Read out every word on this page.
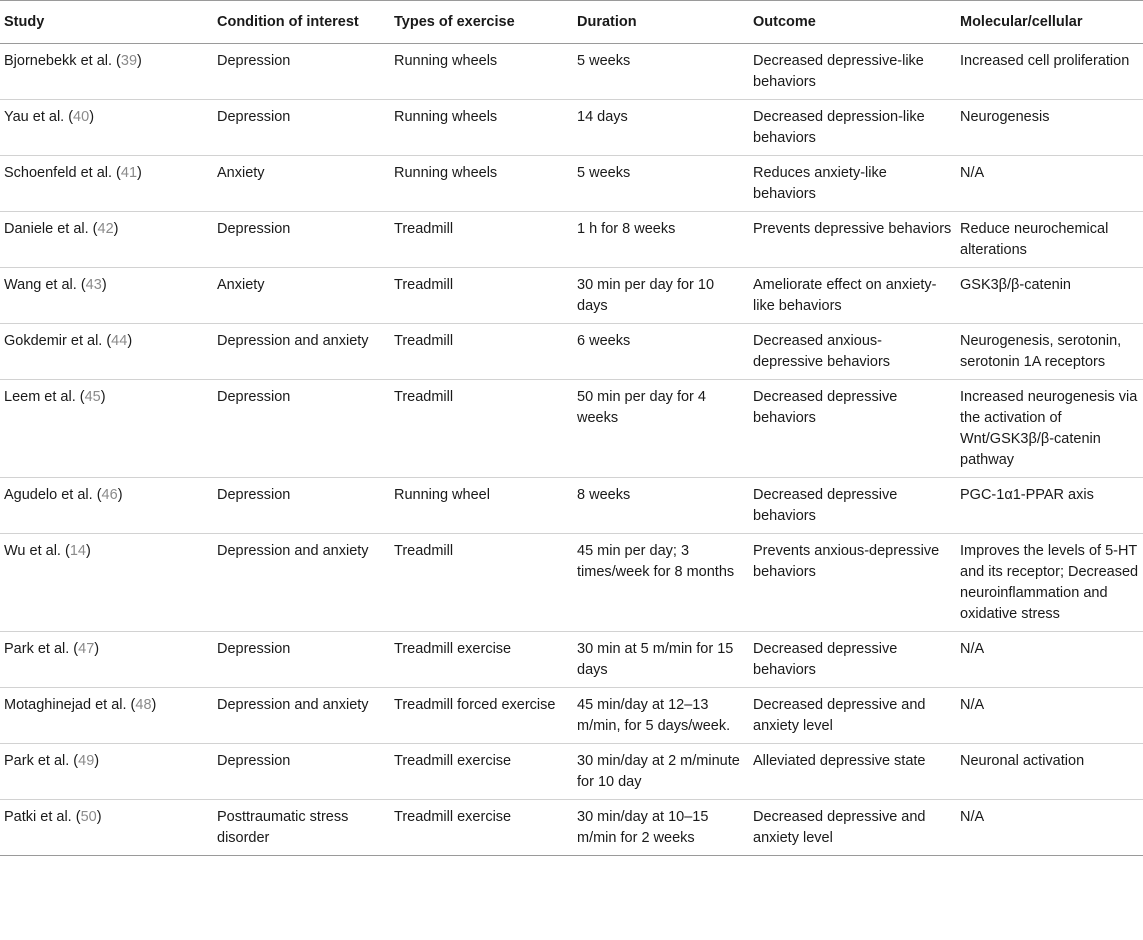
Study	Condition of interest	Types of exercise	Duration	Outcome	Molecular/cellular
Bjornebekk et al. (39)	Depression	Running wheels	5 weeks	Decreased depressive-like behaviors	Increased cell proliferation
Yau et al. (40)	Depression	Running wheels	14 days	Decreased depression-like behaviors	Neurogenesis
Schoenfeld et al. (41)	Anxiety	Running wheels	5 weeks	Reduces anxiety-like behaviors	N/A
Daniele et al. (42)	Depression	Treadmill	1 h for 8 weeks	Prevents depressive behaviors	Reduce neurochemical alterations
Wang et al. (43)	Anxiety	Treadmill	30 min per day for 10 days	Ameliorate effect on anxiety-like behaviors	GSK3β/β-catenin
Gokdemir et al. (44)	Depression and anxiety	Treadmill	6 weeks	Decreased anxious-depressive behaviors	Neurogenesis, serotonin, serotonin 1A receptors
Leem et al. (45)	Depression	Treadmill	50 min per day for 4 weeks	Decreased depressive behaviors	Increased neurogenesis via the activation of Wnt/GSK3β/β-catenin pathway
Agudelo et al. (46)	Depression	Running wheel	8 weeks	Decreased depressive behaviors	PGC-1α1-PPAR axis
Wu et al. (14)	Depression and anxiety	Treadmill	45 min per day; 3 times/week for 8 months	Prevents anxious-depressive behaviors	Improves the levels of 5-HT and its receptor; Decreased neuroinflammation and oxidative stress
Park et al. (47)	Depression	Treadmill exercise	30 min at 5 m/min for 15 days	Decreased depressive behaviors	N/A
Motaghinejad et al. (48)	Depression and anxiety	Treadmill forced exercise	45 min/day at 12–13 m/min, for 5 days/week.	Decreased depressive and anxiety level	N/A
Park et al. (49)	Depression	Treadmill exercise	30 min/day at 2 m/minute for 10 day	Alleviated depressive state	Neuronal activation
Patki et al. (50)	Posttraumatic stress disorder	Treadmill exercise	30 min/day at 10–15 m/min for 2 weeks	Decreased depressive and anxiety level	N/A
